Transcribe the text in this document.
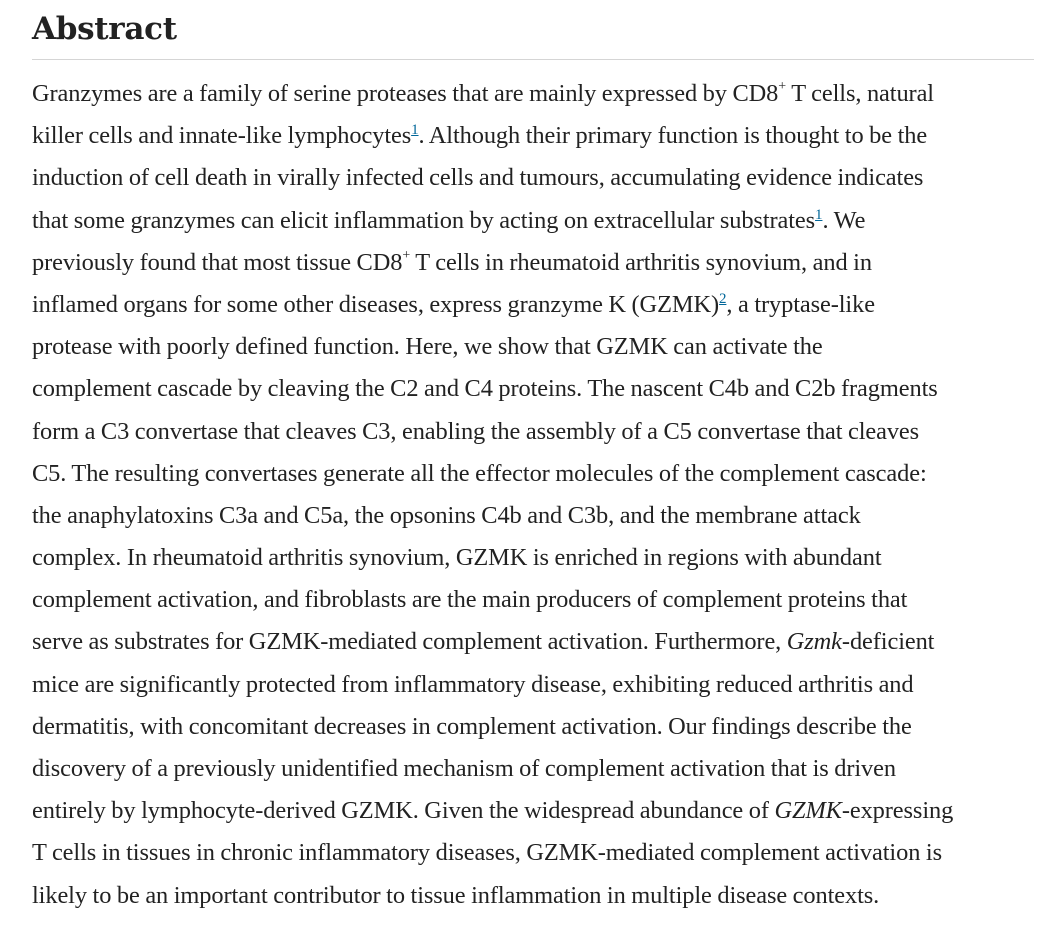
Abstract

Granzymes are a family of serine proteases that are mainly expressed by CD8+ T cells, natural
killer cells and innate-like lymphocytes$^1$. Although their primary function is thought to be the
induction of cell death in virally infected cells and tumours, accumulating evidence indicates
that some granzymes can elicit inflammation by acting on extracellular substrates$^1$. We
previously found that most tissue CD8+ T cells in rheumatoid arthritis synovium, and in
inflamed organs for some other diseases, express granzyme K (GZMK)$^2$, a tryptase-like
protease with poorly defined function. Here, we show that GZMK can activate the
complement cascade by cleaving the C2 and C4 proteins. The nascent C4b and C2b fragments
form a C3 convertase that cleaves C3, enabling the assembly of a C5 convertase that cleaves
C5. The resulting convertases generate all the effector molecules of the complement cascade:
the anaphylatoxins C3a and C5a, the opsonins C4b and C3b, and the membrane attack
complex. In rheumatoid arthritis synovium, GZMK is enriched in regions with abundant
complement activation, and fibroblasts are the main producers of complement proteins that
serve as substrates for GZMK-mediated complement activation. Furthermore, Gzmk-deficient
mice are significantly protected from inflammatory disease, exhibiting reduced arthritis and
dermatitis, with concomitant decreases in complement activation. Our findings describe the
discovery of a previously unidentified mechanism of complement activation that is driven
entirely by lymphocyte-derived GZMK. Given the widespread abundance of GZMK-expressing
T cells in tissues in chronic inflammatory diseases, GZMK-mediated complement activation is
likely to be an important contributor to tissue inflammation in multiple disease contexts.
